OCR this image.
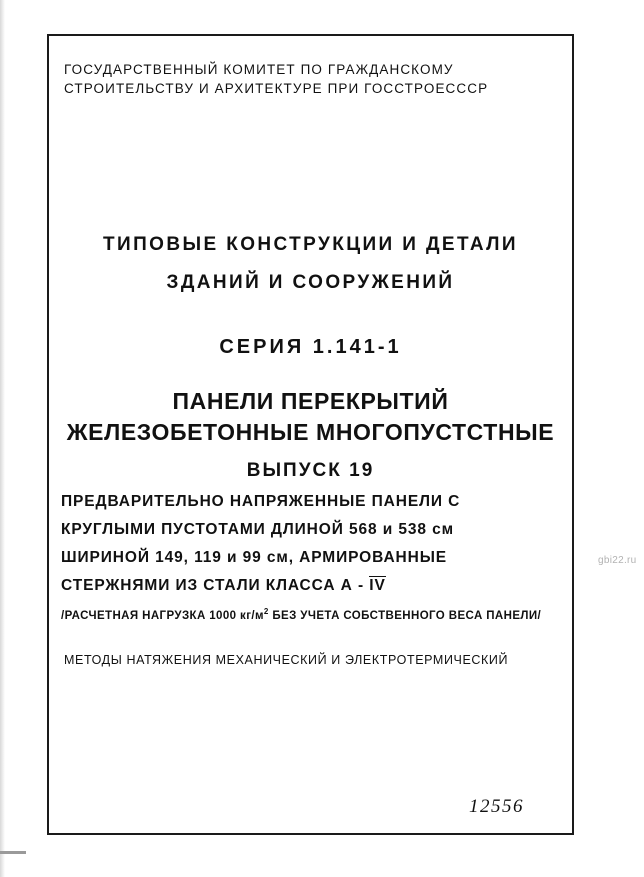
ГОСУДАРСТВЕННЫЙ КОМИТЕТ ПО ГРАЖДАНСКОМУ
СТРОИТЕЛЬСТВУ И АРХИТЕКТУРЕ ПРИ ГОССТРОЕСССР
ТИПОВЫЕ КОНСТРУКЦИИ И ДЕТАЛИ
ЗДАНИЙ И СООРУЖЕНИЙ
СЕРИЯ 1.141-1
ПАНЕЛИ ПЕРЕКРЫТИЙ
ЖЕЛЕЗОБЕТОННЫЕ МНОГОПУСТСТНЫЕ
ВЫПУСК 19
ПРЕДВАРИТЕЛЬНО НАПРЯЖЕННЫЕ ПАНЕЛИ С
КРУГЛЫМИ ПУСТОТАМИ ДЛИНОЙ 568 и 538 см
ШИРИНОЙ 149, 119 и 99 см, АРМИРОВАННЫЕ
СТЕРЖНЯМИ ИЗ СТАЛИ КЛАССА А - IV
/РАСЧЕТНАЯ НАГРУЗКА 1000 $кг/м^2$ БЕЗ УЧЕТА СОБСТВЕННОГО ВЕСА ПАНЕЛИ/
МЕТОДЫ НАТЯЖЕНИЯ МЕХАНИЧЕСКИЙ И ЭЛЕКТРОТЕРМИЧЕСКИЙ
12556
gbi22.ru
